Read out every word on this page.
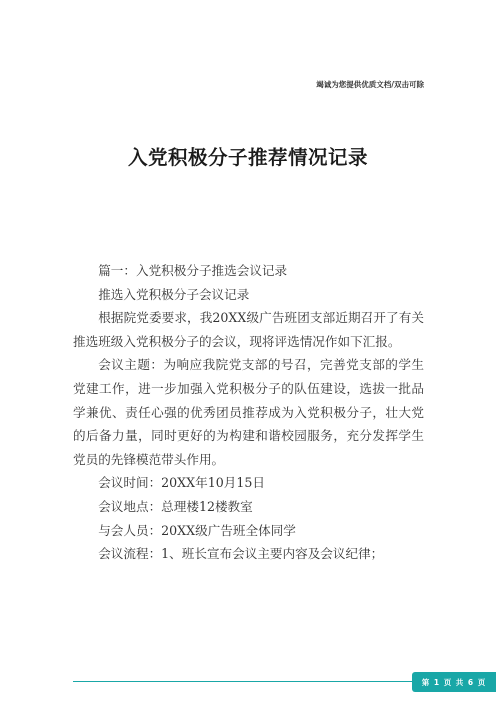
竭诚为您提供优质文档/双击可除
入党积极分子推荐情况记录

篇一：入党积极分子推选会议记录

推选入党积极分子会议记录

根据院党委要求，我20XX级广告班团支部近期召开了有关推选班级入党积极分子的会议，现将评选情况作如下汇报。

会议主题：为响应我院党支部的号召，完善党支部的学生党建工作，进一步加强入党积极分子的队伍建设，选拔一批品学兼优、责任心强的优秀团员推荐成为入党积极分子，壮大党的后备力量，同时更好的为构建和谐校园服务，充分发挥学生党员的先锋模范带头作用。

会议时间：20XX年10月15日

会议地点：总理楼12楼教室

与会人员：20XX级广告班全体同学

会议流程：1、班长宣布会议主要内容及会议纪律；

第 1 页 共 6 页
